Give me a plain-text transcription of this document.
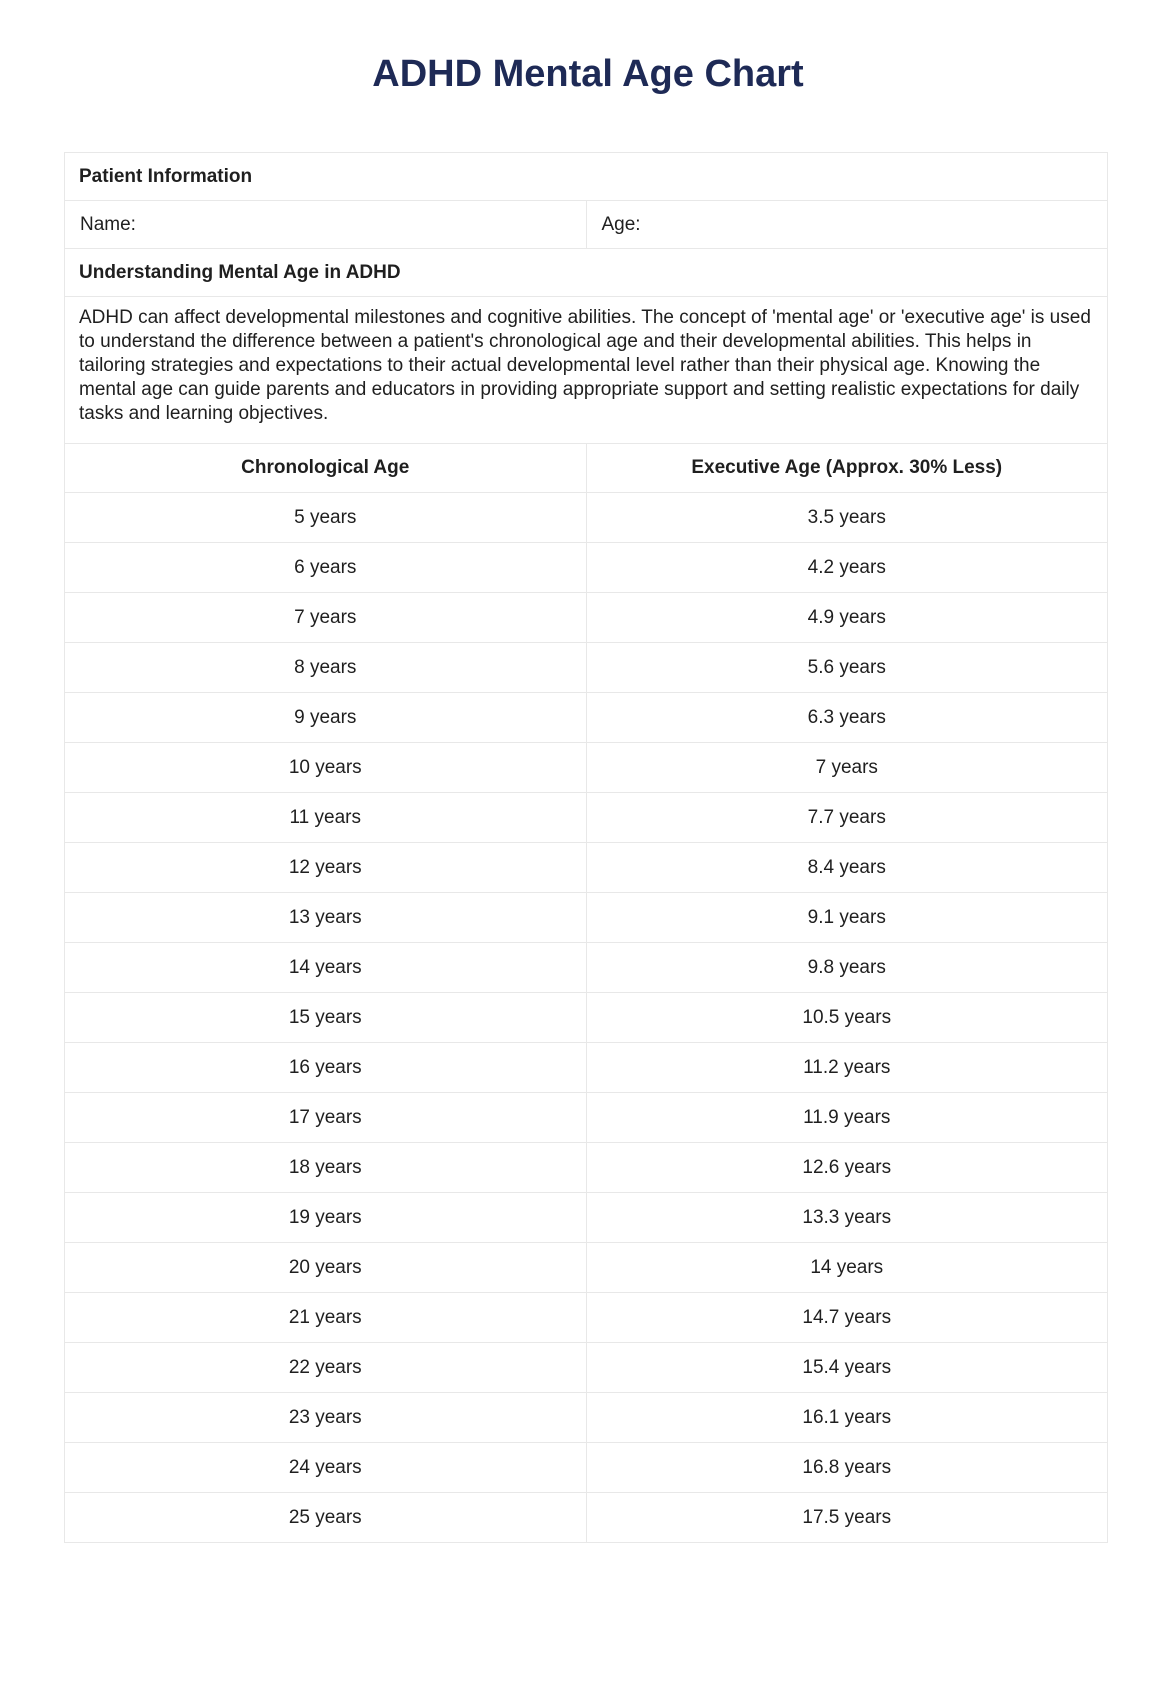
ADHD Mental Age Chart
Patient Information	
Name:	Age:
Understanding Mental Age in ADHD	
ADHD can affect developmental milestones and cognitive abilities. The concept of 'mental age' or 'executive age' is used to understand the difference between a patient's chronological age and their developmental abilities. This helps in tailoring strategies and expectations to their actual developmental level rather than their physical age. Knowing the mental age can guide parents and educators in providing appropriate support and setting realistic expectations for daily tasks and learning objectives.	
Chronological Age	Executive Age (Approx. 30% Less)
5 years	3.5 years
6 years	4.2 years
7 years	4.9 years
8 years	5.6 years
9 years	6.3 years
10 years	7 years
11 years	7.7 years
12 years	8.4 years
13 years	9.1 years
14 years	9.8 years
15 years	10.5 years
16 years	11.2 years
17 years	11.9 years
18 years	12.6 years
19 years	13.3 years
20 years	14 years
21 years	14.7 years
22 years	15.4 years
23 years	16.1 years
24 years	16.8 years
25 years	17.5 years
